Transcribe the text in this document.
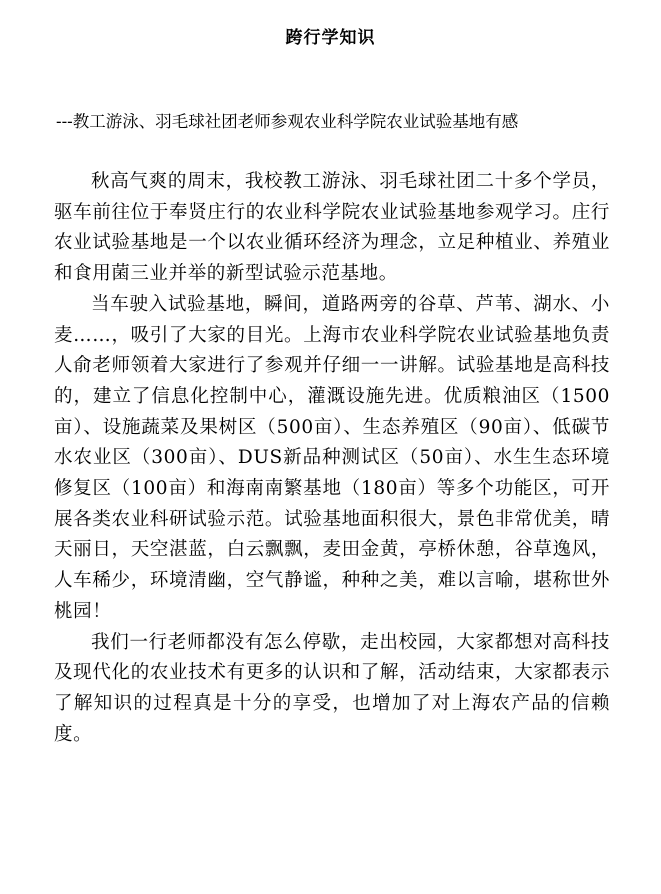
跨行学知识
---教工游泳、羽毛球社团老师参观农业科学院农业试验基地有感

秋高气爽的周末，我校教工游泳、羽毛球社团二十多个学员，驱车前往位于奉贤庄行的农业科学院农业试验基地参观学习。庄行农业试验基地是一个以农业循环经济为理念，立足种植业、养殖业和食用菌三业并举的新型试验示范基地。

当车驶入试验基地，瞬间，道路两旁的谷草、芦苇、湖水、小麦……，吸引了大家的目光。上海市农业科学院农业试验基地负责人俞老师领着大家进行了参观并仔细一一讲解。试验基地是高科技的，建立了信息化控制中心，灌溉设施先进。优质粮油区（1500亩）、设施蔬菜及果树区（500亩）、生态养殖区（90亩）、低碳节水农业区（300亩）、DUS新品种测试区（50亩）、水生生态环境修复区（100亩）和海南南繁基地（180亩）等多个功能区，可开展各类农业科研试验示范。试验基地面积很大，景色非常优美，晴天丽日，天空湛蓝，白云飘飘，麦田金黄，亭桥休憩，谷草逸风，人车稀少，环境清幽，空气静谧，种种之美，难以言喻，堪称世外桃园！

我们一行老师都没有怎么停歇，走出校园，大家都想对高科技及现代化的农业技术有更多的认识和了解，活动结束，大家都表示了解知识的过程真是十分的享受，也增加了对上海农产品的信赖度。
